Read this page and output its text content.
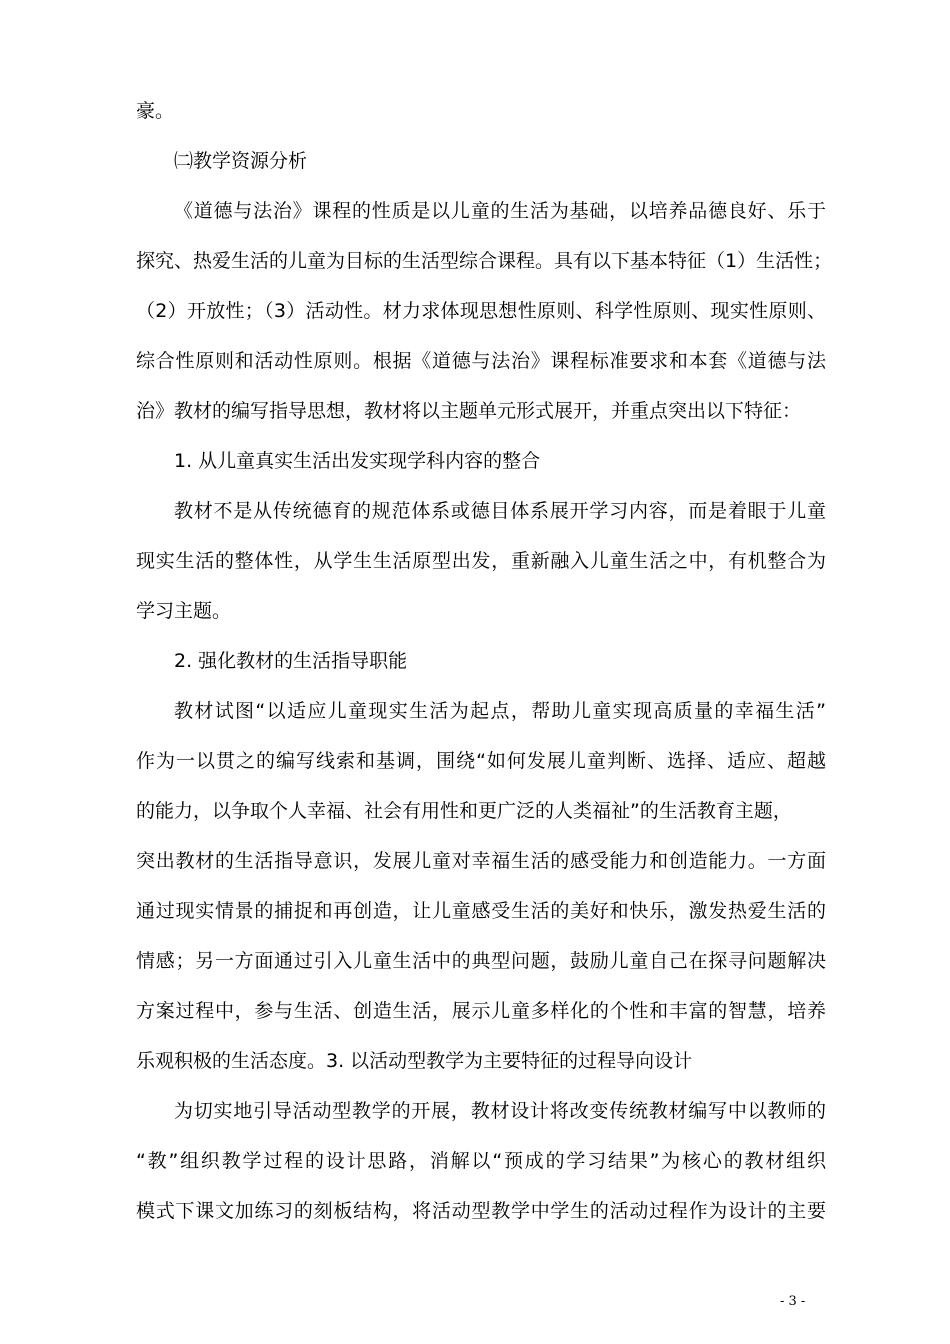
豪。
㈡教学资源分析
《道德与法治》课程的性质是以儿童的生活为基础，以培养品德良好、乐于
探究、热爱生活的儿童为目标的生活型综合课程。具有以下基本特征（1）生活性；
（2）开放性；（3）活动性。材力求体现思想性原则、科学性原则、现实性原则、
综合性原则和活动性原则。根据《道德与法治》课程标准要求和本套《道德与法
治》教材的编写指导思想，教材将以主题单元形式展开，并重点突出以下特征：
1. 从儿童真实生活出发实现学科内容的整合
教材不是从传统德育的规范体系或德目体系展开学习内容，而是着眼于儿童
现实生活的整体性，从学生生活原型出发，重新融入儿童生活之中，有机整合为
学习主题。
2. 强化教材的生活指导职能
教材试图“以适应儿童现实生活为起点，帮助儿童实现高质量的幸福生活”
作为一以贯之的编写线索和基调，围绕“如何发展儿童判断、选择、适应、超越
的能力，以争取个人幸福、社会有用性和更广泛的人类福祉”的生活教育主题，
突出教材的生活指导意识，发展儿童对幸福生活的感受能力和创造能力。一方面
通过现实情景的捕捉和再创造，让儿童感受生活的美好和快乐，激发热爱生活的
情感；另一方面通过引入儿童生活中的典型问题，鼓励儿童自己在探寻问题解决
方案过程中，参与生活、创造生活，展示儿童多样化的个性和丰富的智慧，培养
乐观积极的生活态度。3. 以活动型教学为主要特征的过程导向设计
为切实地引导活动型教学的开展，教材设计将改变传统教材编写中以教师的
“教”组织教学过程的设计思路，消解以“预成的学习结果”为核心的教材组织
模式下课文加练习的刻板结构，将活动型教学中学生的活动过程作为设计的主要
- 3 -
